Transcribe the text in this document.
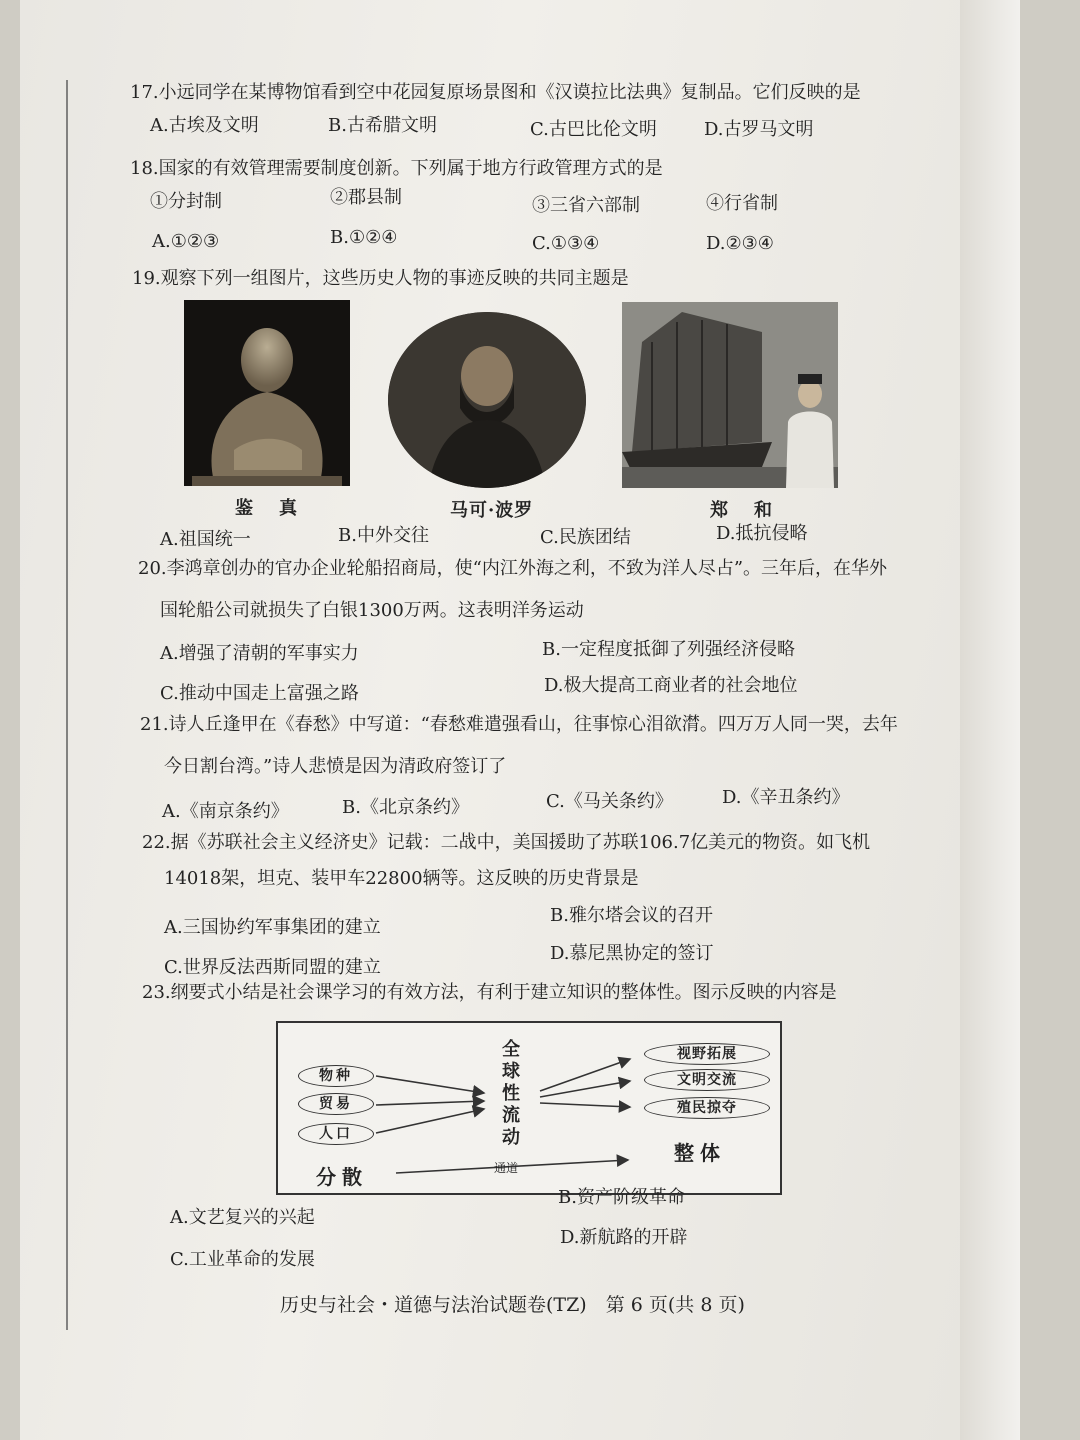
17.小远同学在某博物馆看到空中花园复原场景图和《汉谟拉比法典》复制品。它们反映的是
A.古埃及文明	B.古希腊文明	C.古巴比伦文明	D.古罗马文明
18.国家的有效管理需要制度创新。下列属于地方行政管理方式的是
①分封制	②郡县制	③三省六部制	④行省制
A.①②③	B.①②④	C.①③④	D.②③④
19.观察下列一组图片，这些历史人物的事迹反映的共同主题是
鉴　真	马可·波罗	郑　和
A.祖国统一	B.中外交往	C.民族团结	D.抵抗侵略
20.李鸿章创办的官办企业轮船招商局，使“内江外海之利，不致为洋人尽占”。三年后，在华外
国轮船公司就损失了白银1300万两。这表明洋务运动
A.增强了清朝的军事实力	B.一定程度抵御了列强经济侵略
C.推动中国走上富强之路	D.极大提高工商业者的社会地位
21.诗人丘逢甲在《春愁》中写道：“春愁难遣强看山，往事惊心泪欲潸。四万万人同一哭，去年
今日割台湾。”诗人悲愤是因为清政府签订了
A.《南京条约》	B.《北京条约》	C.《马关条约》	D.《辛丑条约》
22.据《苏联社会主义经济史》记载：二战中，美国援助了苏联106.7亿美元的物资。如飞机
14018架，坦克、装甲车22800辆等。这反映的历史背景是
A.三国协约军事集团的建立
B.雅尔塔会议的召开
C.世界反法西斯同盟的建立
D.慕尼黑协定的签订
23.纲要式小结是社会课学习的有效方法，有利于建立知识的整体性。图示反映的内容是
物种
贸易
人口
全球性流动
视野拓展
文明交流
殖民掠夺
分散	通道
整体
A.文艺复兴的兴起
B.资产阶级革命
C.工业革命的发展
D.新航路的开辟
历史与社会・道德与法治试题卷(TZ)　第 6 页(共 8 页)
